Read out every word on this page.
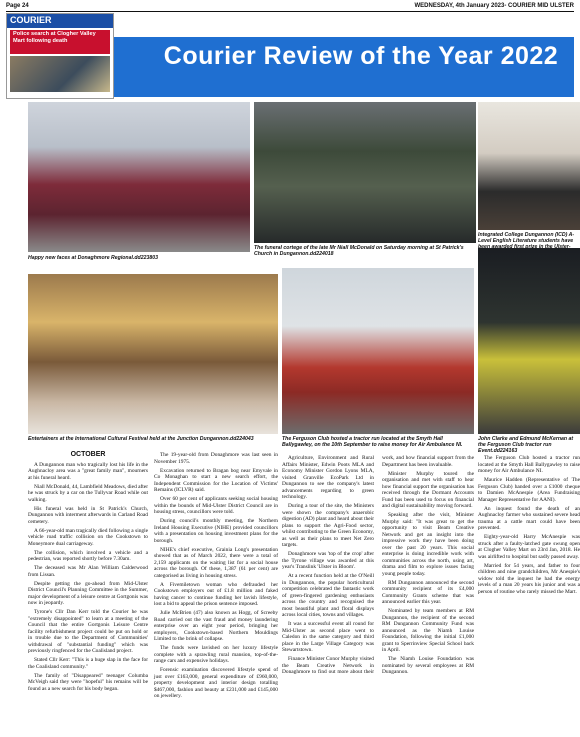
Page 24	WEDNESDAY, 4th January 2023- COURIER MID ULSTER
Courier Review of the Year 2022
COURIER
Police search at Clogher Valley Mart following death
Happy new faces at Donaghmore Regional.dd223803
The funeral cortege of the late Mr Niall McDonald on Saturday morning at St Patrick's Church in Dungannon.dd224018
Integrated College Dungannon (ICD) A-Level English Literature students have
Entertainers at the International Cultural Festival held at the Junction Dungannon.dd224043	The Ferguson Club hosted a tractor run located at the Smyth Hall Ballygawley, on the 10th September to raise money for Air Ambulance NI.
John Clarke and Edmund McKernan at the Ferguson Club tractor run Event.dd224163
OCTOBER

A Dungannon man who tragically lost his life in the Aughnacloy area was a "great family man", mourners at his funeral heard.

Niall McDonald, 44, Lambfield Meadows, died after he was struck by a car on the Tullyvar Road while out walking.

His funeral was held in St Patrick's Church, Dungannon with interment afterwards in Carland Road cemetery.

A 66-year-old man tragically died following a single vehicle road traffic collision on the Cookstown to Moneymore dual carriageway.

The collision, which involved a vehicle and a pedestrian, was reported shortly before 7.30am.

The deceased was Mr Alan William Calderwood from Lissan.

Despite getting the go-ahead from Mid-Ulster District Council's Planning Committee in the Summer, major development of a leisure centre at Gortgonis was now in jeopardy.

Tyrone's Cllr Dan Kerr told the Courier he was "extremely disappointed" to learn at a meeting of the Council that the entire Gortgonis Leisure Centre facility refurbishment project could be put on hold or in trouble due to the Department of Communities' withdrawal of "substantial funding" which was previously ringfenced for the Coalisland project.

Stated Cllr Kerr: "This is a huge slap in the face for the Coalisland community."

The family of "Disappeared" teenager Columba McVeigh said they were "hopeful" his remains will be found as a new search for his body began.

The 19-year-old from Donaghmore was last seen in November 1975.

Excavation returned to Bragan bog near Emyvale in Co Monaghan to start a new search effort, the Independent Commission for the Location of Victims' Remains (ICLVR) said.

Over 60 per cent of applicants seeking social housing within the bounds of Mid-Ulster District Council are in housing stress, councillors were told.

During council's monthly meeting, the Northern Ireland Housing Executive (NIHE) provided councillors with a presentation on housing investment plans for the borough.

NIHE's chief executive, Grainia Long's presentation showed that as of March 2022, there were a total of 2,159 applicants on the waiting list for a social house across the borough. Of these, 1,387 (61 per cent) are categorised as living in housing stress.

A Fivemiletown woman who defrauded her Cookstown employers out of £1.8 million and faked having cancer to continue funding her lavish lifestyle, lost a bid to appeal the prison sentence imposed.

Julie McBrien (47) also known as Hogg, of Screeby Road carried out the vast fraud and money laundering enterprise over an eight year period, bringing her employers, Cookstown-based Northern Mouldings Limited to the brink of collapse.

The funds were lavished on her luxury lifestyle complete with a sprawling rural mansion, top-of-the-range cars and expensive holidays.

Forensic examination discovered lifestyle spend of just over £163,000, general expenditure of £960,000, property development and interior design totalling $467,000, fashion and beauty at £231,000 and £145,000 on jewellery.

Agriculture, Environment and Rural Affairs Minister, Edwin Poots MLA and Economy Minister Gordon Lyons MLA, visited Granville EcoPark Ltd in Dungannon to see the company's latest advancements regarding to green technology.

During a tour of the site, the Ministers were shown the company's anaerobic digestion (AD) plant and heard about their plans to support the Agri-Food sector, whilst contributing to the Green Economy, as well as their plans to meet Net Zero targets.

Donaghmore was 'top of the crop' after the Tyrone village was awarded at this year's Translink 'Ulster in Bloom'.

At a recent function held at the O'Neill in Dungannon, the popular horticultural competition celebrated the fantastic work of green-fingered gardening enthusiasts across the country and recognised the most beautiful plant and floral displays across local cities, towns and villages.

It was a successful event all round for Mid-Ulster as second place went to Caledon in the same category and third place in the Large Village Category was Stewartstown.

Finance Minister Conor Murphy visited the Beam Creative Network in Donaghmore to find out more about their work, and how financial support from the Department has been invaluable.

Minister Murphy toured the organisation and met with staff to hear how financial support the organisation has received through the Dormant Accounts Fund has been used to focus on financial and digital sustainability moving forward.

Speaking after the visit, Minister Murphy said: "It was great to get the opportunity to visit Beam Creative Network and get an insight into the impressive work they have been doing over the past 20 years. This social enterprise is doing incredible work with communities across the north, using art, drama and film to explore issues facing young people today.

RM Dungannon announced the second community recipient of its £4,000 Community Grants scheme that was announced earlier this year.

Nominated by team members at RM Dungannon, the recipient of the second RM Dungannon Community Fund was announced as the Niamh Louise Foundation, following the initial £1,000 grant to Sperrinview Special School back in April.

The Niamh Louise Foundation was nominated by several employees at RM Dungannon.

The Ferguson Club hosted a tractor run located at the Smyth Hall Ballygawley to raise money for Air Ambulance NI.

Maurice Hadden (Representative of The Ferguson Club) handed over a £1000 cheque to Damien McAnespie (Area Fundraising Manager Representative for AANI).

An inquest found the death of an Aughnacloy farmer who sustained severe head trauma at a cattle mart could have been prevented.

Eighty-year-old Harry McAnespie was struck after a faulty-latched gate swung open at Clogher Valley Mart on 23rd Jan, 2018. He was airlifted to hospital but sadly passed away.

Married for 54 years, and father to four children and nine grandchildren, Mr Anespie's widow told the inquest he had the energy levels of a man 20 years his junior and was a person of routine who rarely missed the Mart.
